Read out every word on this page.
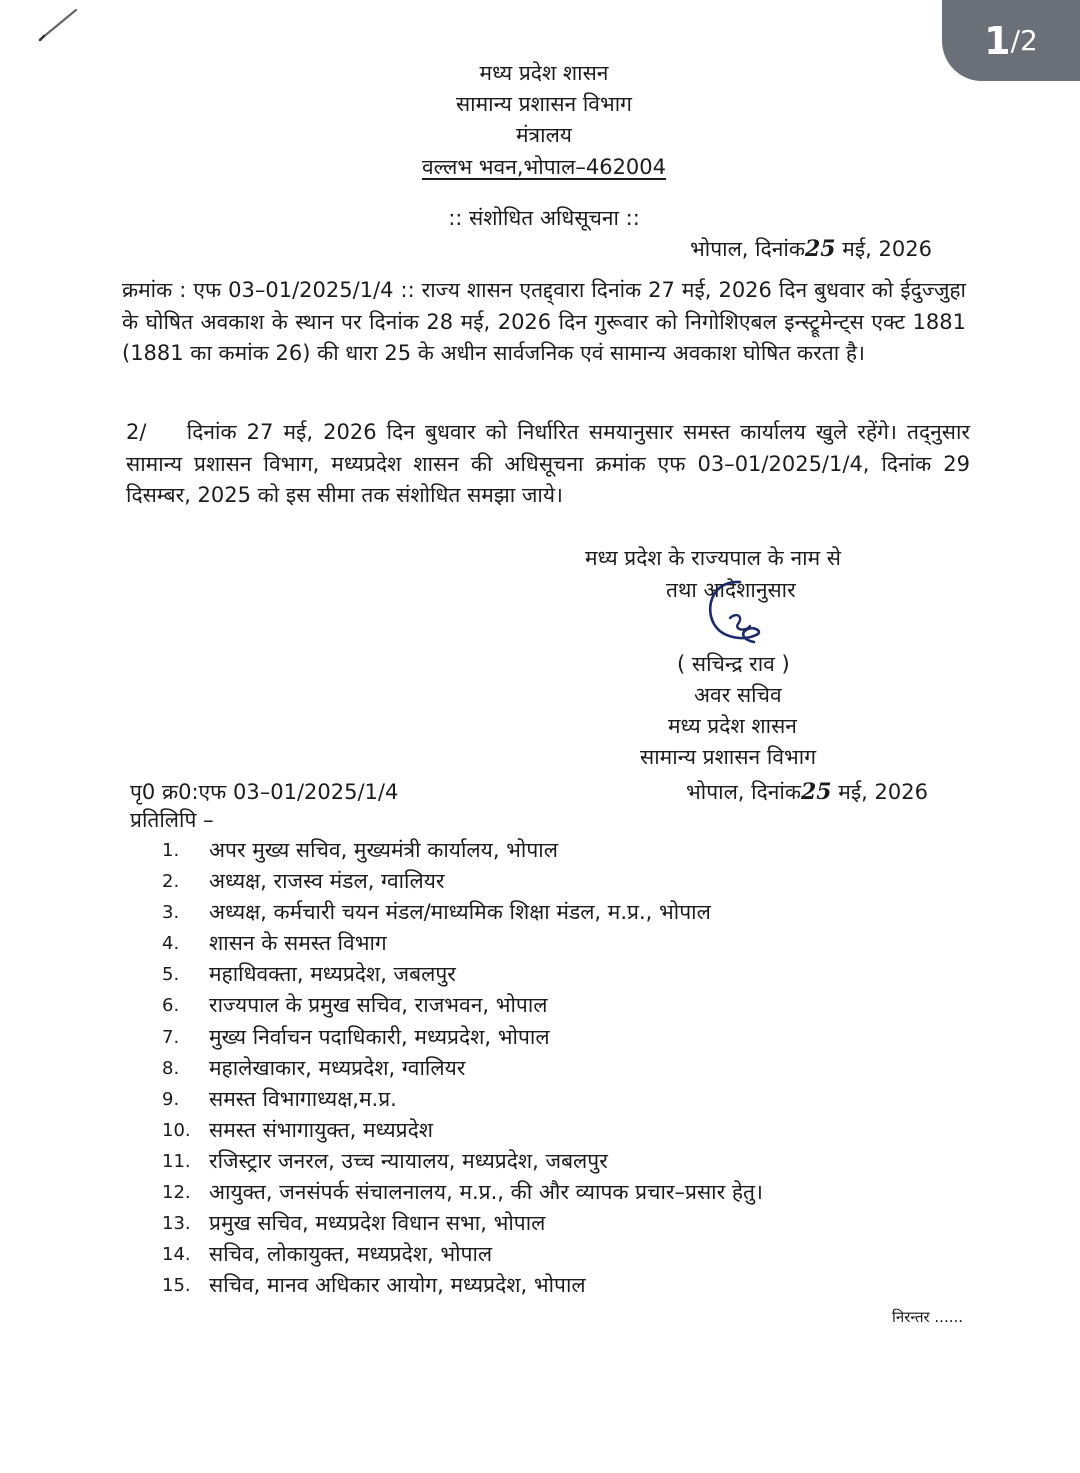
1 / 2
मध्य प्रदेश शासन
सामान्य प्रशासन विभाग
मंत्रालय
वल्लभ भवन,भोपाल–462004
:: संशोधित अधिसूचना ::
भोपाल, दिनांक25 मई, 2026
क्रमांक : एफ 03–01/2025/1/4 :: राज्य शासन एतद्द्वारा दिनांक 27 मई, 2026 दिन बुधवार को ईदुज्जुहा के घोषित अवकाश के स्थान पर दिनांक 28 मई, 2026 दिन गुरूवार को निगोशिएबल इन्स्ट्रूमेन्ट्स एक्ट 1881 (1881 का कमांक 26) की धारा 25 के अधीन सार्वजनिक एवं सामान्य अवकाश घोषित करता है।
2/    दिनांक 27 मई, 2026 दिन बुधवार को निर्धारित समयानुसार समस्त कार्यालय खुले रहेंगे। तद्नुसार सामान्य प्रशासन विभाग, मध्यप्रदेश शासन की अधिसूचना क्रमांक एफ 03–01/2025/1/4, दिनांक 29 दिसम्बर, 2025 को इस सीमा तक संशोधित समझा जाये।
मध्य प्रदेश के राज्यपाल के नाम से
तथा आदेशानुसार
( सचिन्द्र राव )
अवर सचिव
मध्य प्रदेश शासन
सामान्य प्रशासन विभाग
पृ0 क्र0:एफ 03–01/2025/1/4	भोपाल, दिनांक25 मई, 2026
प्रतिलिपि –
1.	अपर मुख्य सचिव, मुख्यमंत्री कार्यालय, भोपाल
2.	अध्यक्ष, राजस्व मंडल, ग्वालियर
3.	अध्यक्ष, कर्मचारी चयन मंडल/माध्यमिक शिक्षा मंडल, म.प्र., भोपाल
4.	शासन के समस्त विभाग
5.	महाधिवक्ता, मध्यप्रदेश, जबलपुर
6.	राज्यपाल के प्रमुख सचिव, राजभवन, भोपाल
7.	मुख्य निर्वाचन पदाधिकारी, मध्यप्रदेश, भोपाल
8.	महालेखाकार, मध्यप्रदेश, ग्वालियर
9.	समस्त विभागाध्यक्ष,म.प्र.
10. समस्त संभागायुक्त, मध्यप्रदेश
11. रजिस्ट्रार जनरल, उच्च न्यायालय, मध्यप्रदेश, जबलपुर
12. आयुक्त, जनसंपर्क संचालनालय, म.प्र., की और व्यापक प्रचार–प्रसार हेतु।
13. प्रमुख सचिव, मध्यप्रदेश विधान सभा, भोपाल
14. सचिव, लोकायुक्त, मध्यप्रदेश, भोपाल
15. सचिव, मानव अधिकार आयोग, मध्यप्रदेश, भोपाल
निरन्तर ......
